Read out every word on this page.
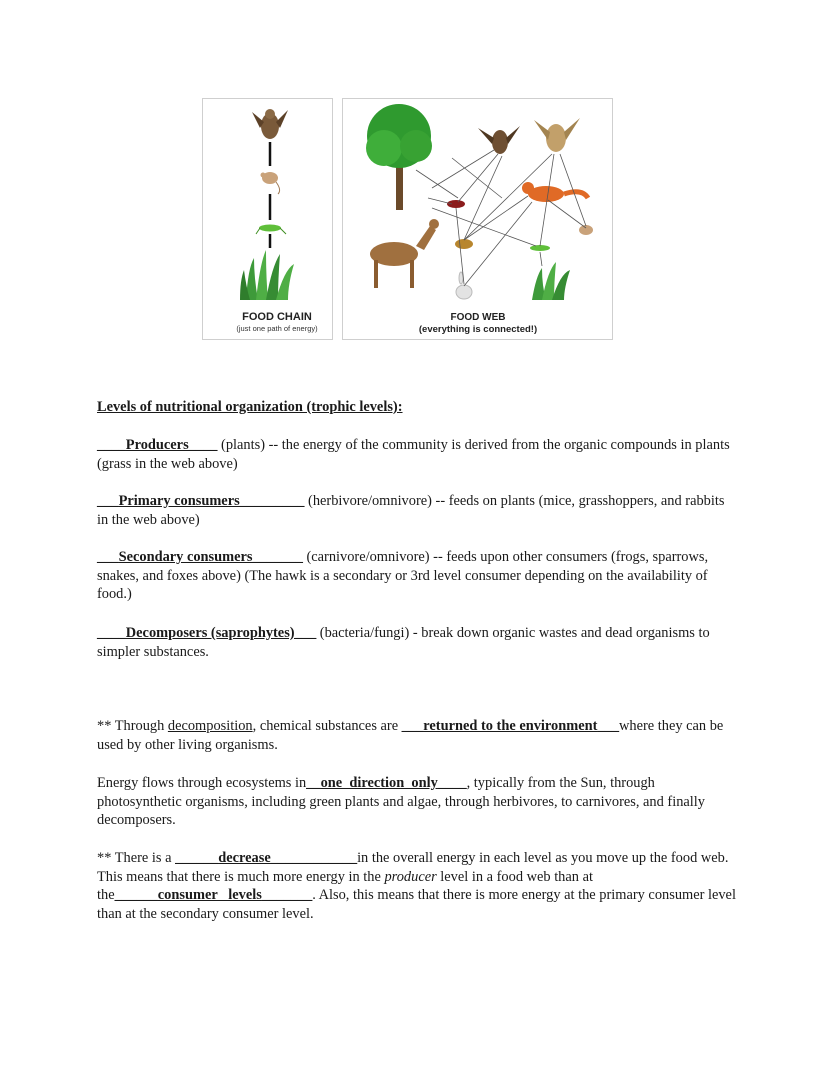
FOOD CHAIN
(just one path of energy)
FOOD WEB
(everything is connected!)
Levels of nutritional organization (trophic levels):

____Producers____ (plants) -- the energy of the community is derived from the organic compounds in plants (grass in the web above)

___Primary consumers_________ (herbivore/omnivore) -- feeds on plants (mice, grasshoppers, and rabbits in the web above)

___Secondary consumers_______ (carnivore/omnivore) -- feeds upon other consumers (frogs, sparrows, snakes, and foxes above) (The hawk is a secondary or 3rd level consumer depending on the availability of food.)

____Decomposers (saprophytes)___ (bacteria/fungi) - break down organic wastes and dead organisms to simpler substances.

** Through decomposition, chemical substances are ___returned to the environment___where they can be used by other living organisms.

Energy flows through ecosystems in__one  direction  only____, typically from the Sun, through photosynthetic organisms, including green plants and algae, through herbivores, to carnivores, and finally decomposers.

** There is a ______decrease____________in the overall energy in each level as you move up the food web. This means that there is much more energy in the producer level in a food web than at the______consumer   levels_______. Also, this means that there is more energy at the primary consumer level than at the secondary consumer level.
